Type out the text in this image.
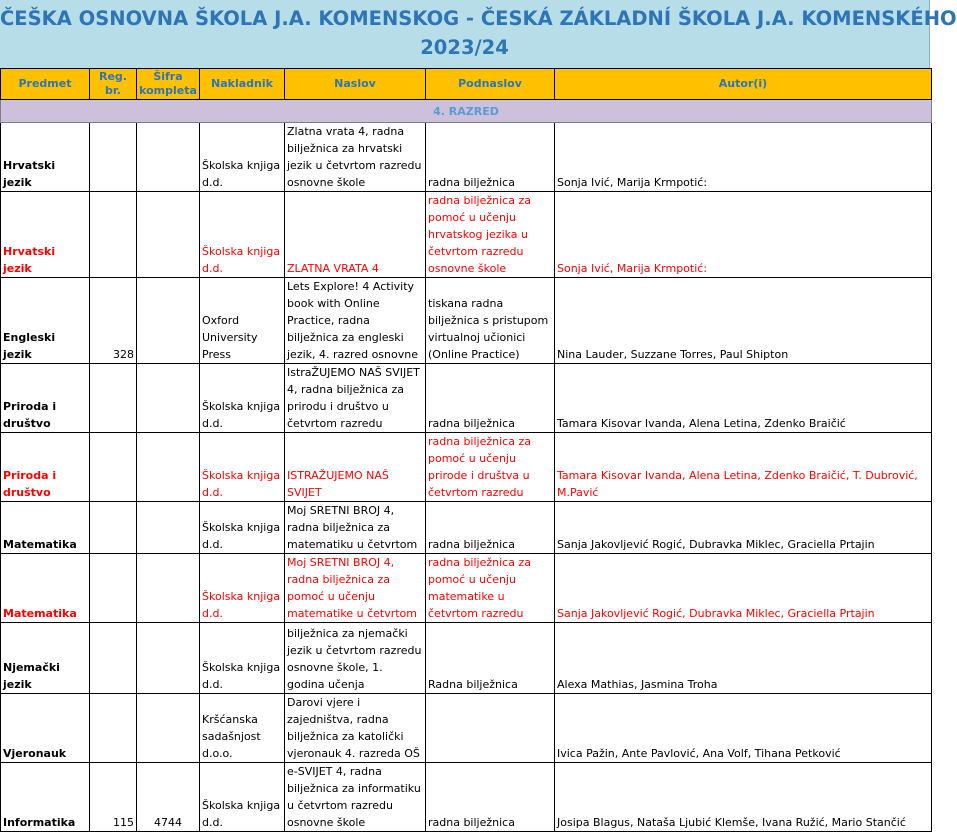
ČEŠKA OSNOVNA ŠKOLA J.A. KOMENSKOG - ČESKÁ ZÁKLADNÍ ŠKOLA J.A. KOMENSKÉHO
2023/24
Predmet	Reg. br.	Šifra kompleta	Nakladnik	Naslov	Podnaslov	Autor(i)
4. RAZRED						
Hrvatski jezik			Školska knjiga d.d.	Zlatna vrata 4, radna bilježnica za hrvatski jezik u četvrtom razredu osnovne škole	radna bilježnica	Sonja Ivić, Marija Krmpotić:
Hrvatski jezik			Školska knjiga d.d.	ZLATNA VRATA 4	radna bilježnica za pomoć u učenju hrvatskog jezika u četvrtom razredu osnovne škole	Sonja Ivić, Marija Krmpotić:
Engleski jezik	328		Oxford University Press	Lets Explore! 4 Activity book with Online Practice, radna bilježnica za engleski jezik, 4. razred osnovne	tiskana radna bilježnica s pristupom virtualnoj učionici (Online Practice)	Nina Lauder, Suzzane Torres, Paul Shipton
Priroda i društvo			Školska knjiga d.d.	IstraŽUJEMO NAŠ SVIJET 4, radna bilježnica za prirodu i društvo u četvrtom razredu	radna bilježnica	Tamara Kisovar Ivanda, Alena Letina, Zdenko Braičić
Priroda i društvo			Školska knjiga d.d.	ISTRAŽUJEMO NAŠ SVIJET	radna bilježnica za pomoć u učenju prirode i društva u četvrtom razredu	Tamara Kisovar Ivanda, Alena Letina, Zdenko Braičić, T. Dubrović, M.Pavić
Matematika			Školska knjiga d.d.	Moj SRETNI BROJ 4, radna bilježnica za matematiku u četvrtom	radna bilježnica	Sanja Jakovljević Rogić, Dubravka Miklec, Graciella Prtajin
Matematika			Školska knjiga d.d.	Moj SRETNI BROJ 4, radna bilježnica za pomoć u učenju matematike u četvrtom	radna bilježnica za pomoć u učenju matematike u četvrtom razredu	Sanja Jakovljević Rogić, Dubravka Miklec, Graciella Prtajin
Njemački jezik			Školska knjiga d.d.	bilježnica za njemački jezik u četvrtom razredu osnovne škole, 1. godina učenja	Radna bilježnica	Alexa Mathias, Jasmina Troha
Vjeronauk			Kršćanska sadašnjost d.o.o.	Darovi vjere i zajedništva, radna bilježnica za katolički vjeronauk 4. razreda OŠ		Ivica Pažin, Ante Pavlović, Ana Volf, Tihana Petković
Informatika	115	4744	Školska knjiga d.d.	e-SVIJET 4, radna bilježnica za informatiku u četvrtom razredu osnovne škole	radna bilježnica	Josipa Blagus, Nataša Ljubić Klemše, Ivana Ružić, Mario Stančić
